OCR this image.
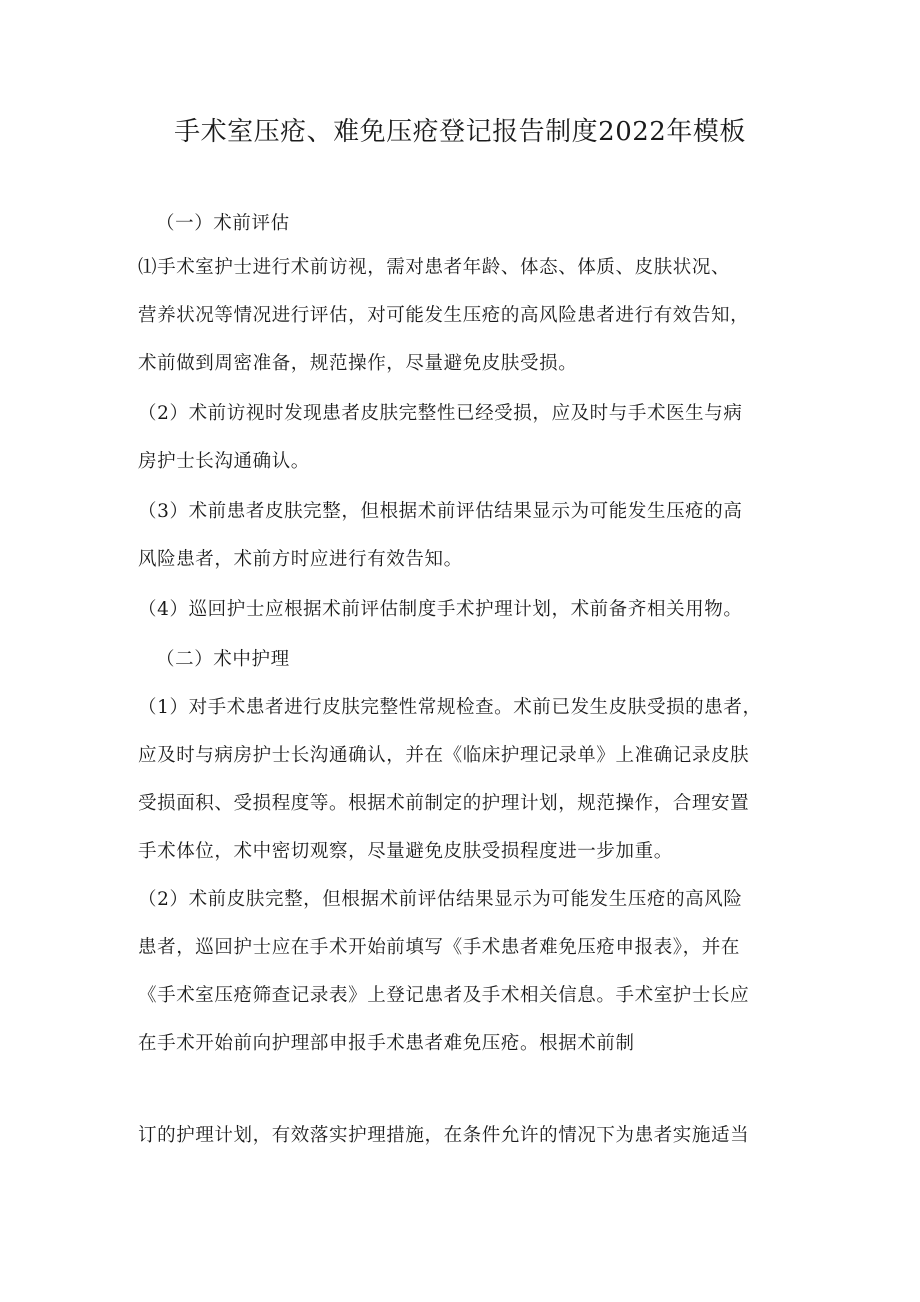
手术室压疮、难免压疮登记报告制度2022年模板
（一）术前评估
⑴手术室护士进行术前访视，需对患者年龄、体态、体质、皮肤状况、
营养状况等情况进行评估，对可能发生压疮的高风险患者进行有效告知，
术前做到周密准备，规范操作，尽量避免皮肤受损。
（2）术前访视时发现患者皮肤完整性已经受损，应及时与手术医生与病
房护士长沟通确认。
（3）术前患者皮肤完整，但根据术前评估结果显示为可能发生压疮的高
风险患者，术前方时应进行有效告知。
（4）巡回护士应根据术前评估制度手术护理计划，术前备齐相关用物。
（二）术中护理
（1）对手术患者进行皮肤完整性常规检查。术前已发生皮肤受损的患者，
应及时与病房护士长沟通确认，并在《临床护理记录单》上准确记录皮肤
受损面积、受损程度等。根据术前制定的护理计划，规范操作，合理安置
手术体位，术中密切观察，尽量避免皮肤受损程度进一步加重。
（2）术前皮肤完整，但根据术前评估结果显示为可能发生压疮的高风险
患者，巡回护士应在手术开始前填写《手术患者难免压疮申报表》，并在
《手术室压疮筛查记录表》上登记患者及手术相关信息。手术室护士长应
在手术开始前向护理部申报手术患者难免压疮。根据术前制
订的护理计划，有效落实护理措施，在条件允许的情况下为患者实施适当
